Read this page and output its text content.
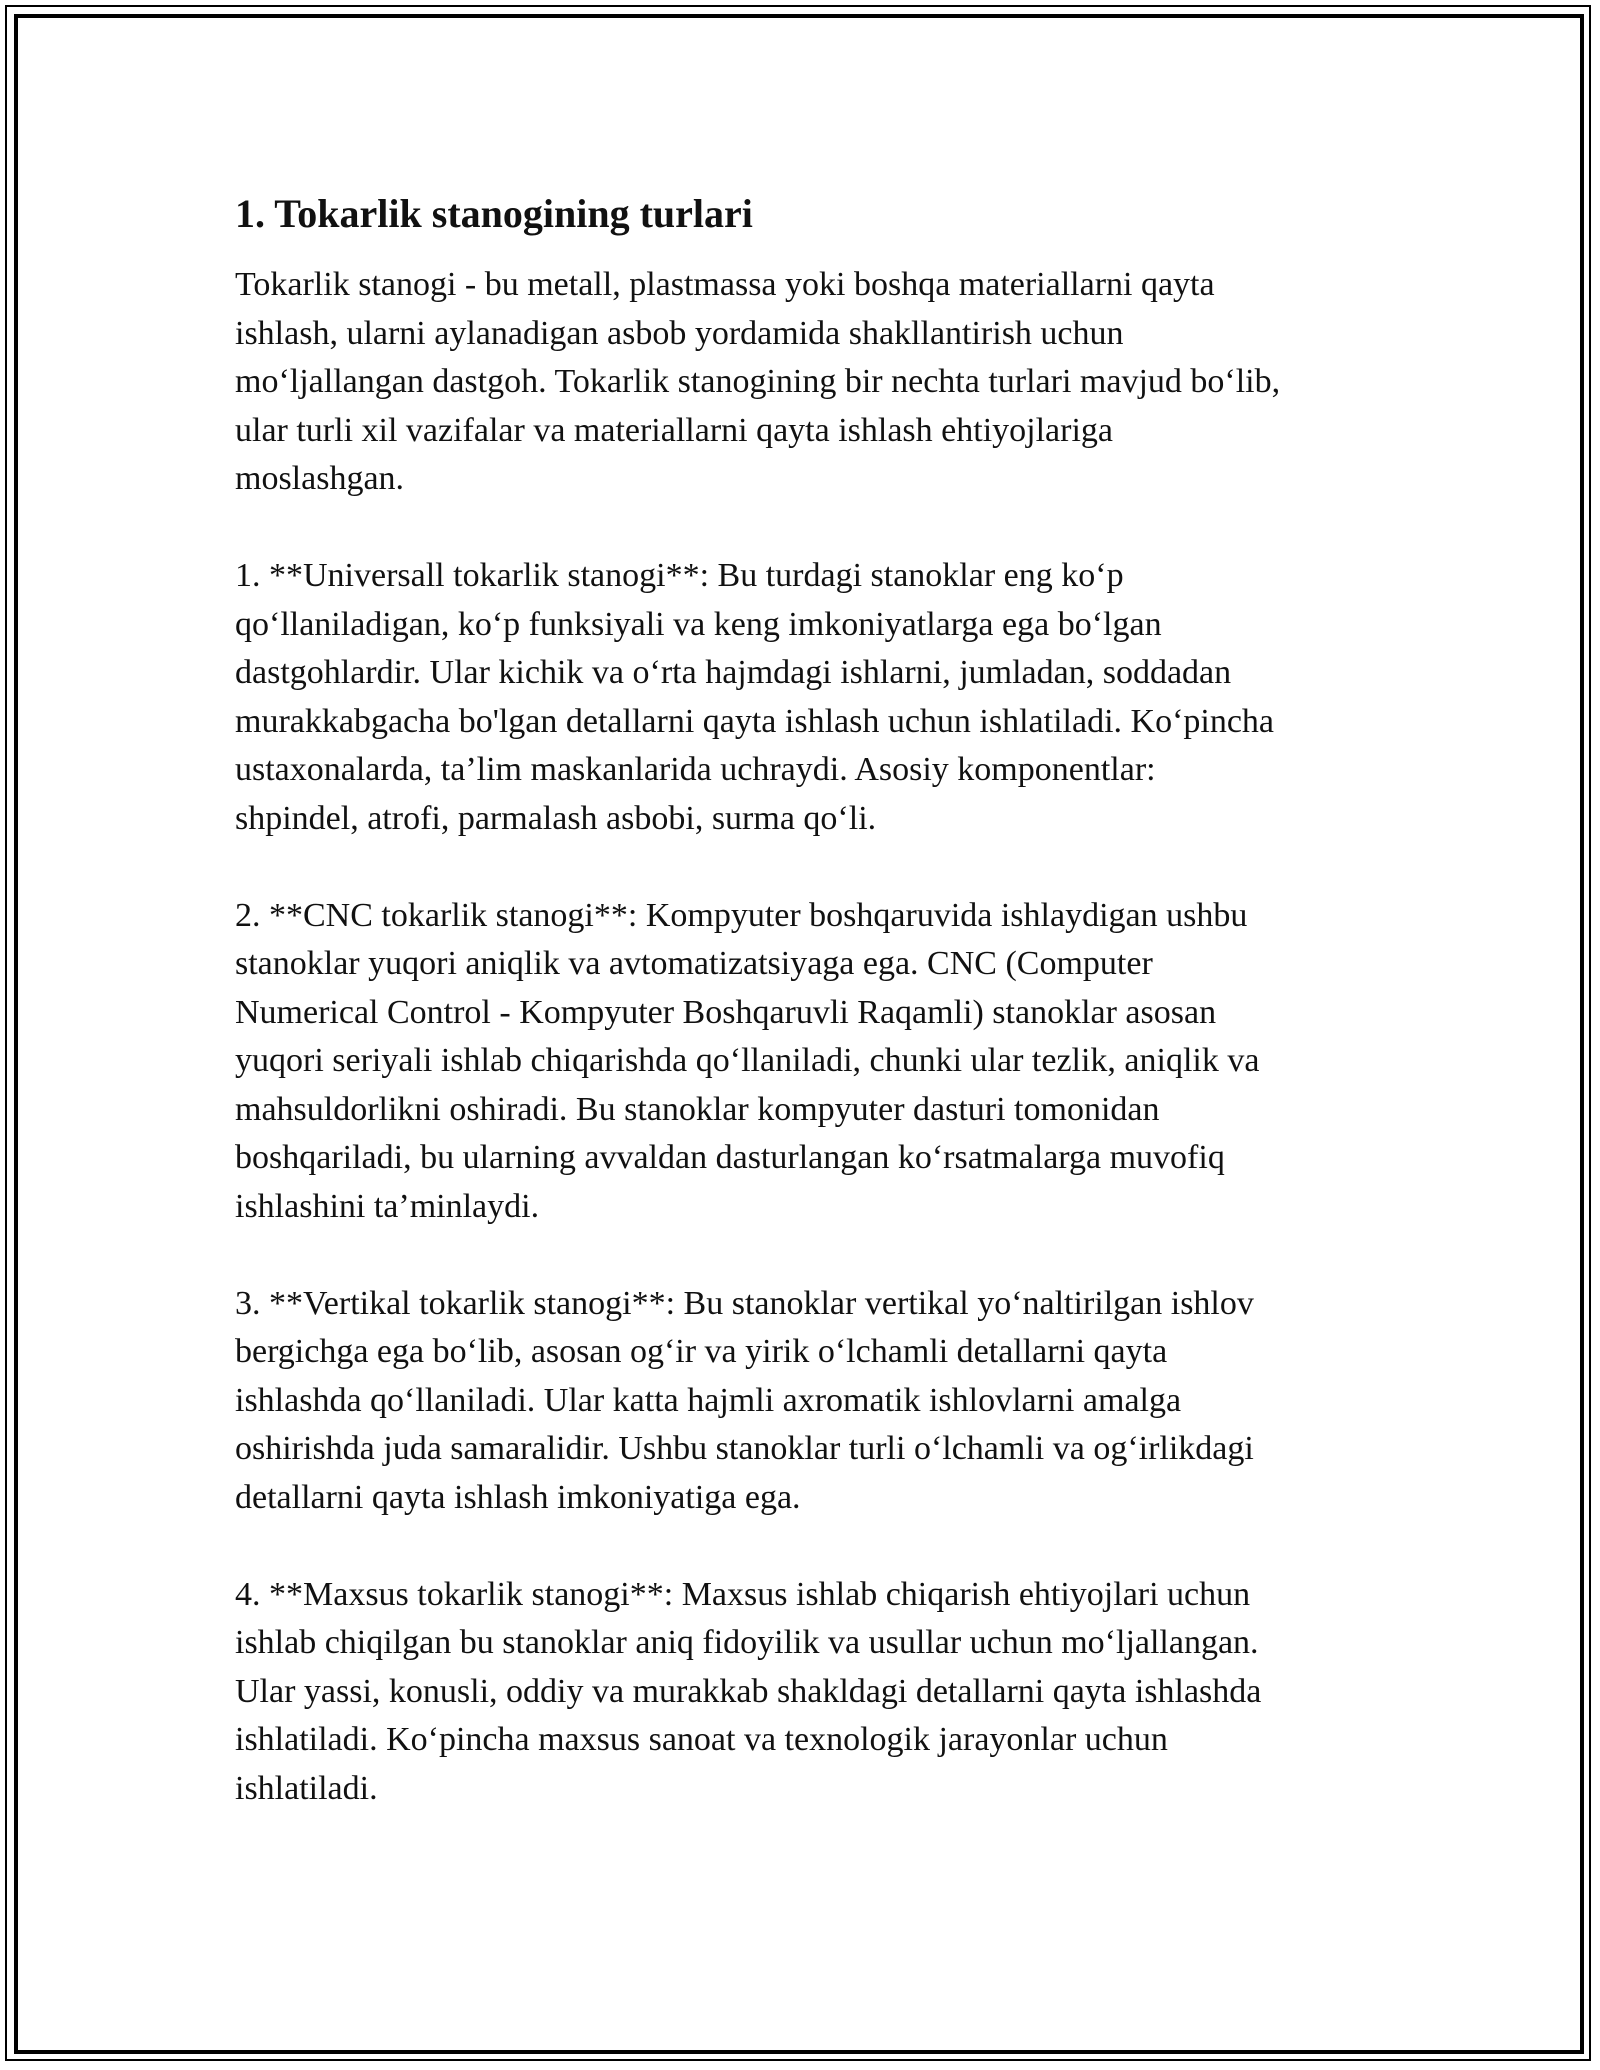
1. Tokarlik stanogining turlari

Tokarlik stanogi - bu metall, plastmassa yoki boshqa materiallarni qayta
ishlash, ularni aylanadigan asbob yordamida shakllantirish uchun
mo‘ljallangan dastgoh. Tokarlik stanogining bir nechta turlari mavjud bo‘lib,
ular turli xil vazifalar va materiallarni qayta ishlash ehtiyojlariga
moslashgan.

1. **Universall tokarlik stanogi**: Bu turdagi stanoklar eng ko‘p
qo‘llaniladigan, ko‘p funksiyali va keng imkoniyatlarga ega bo‘lgan
dastgohlardir. Ular kichik va o‘rta hajmdagi ishlarni, jumladan, soddadan
murakkabgacha bo'lgan detallarni qayta ishlash uchun ishlatiladi. Ko‘pincha
ustaxonalarda, ta’lim maskanlarida uchraydi. Asosiy komponentlar:
shpindel, atrofi, parmalash asbobi, surma qo‘li.

2. **CNC tokarlik stanogi**: Kompyuter boshqaruvida ishlaydigan ushbu
stanoklar yuqori aniqlik va avtomatizatsiyaga ega. CNC (Computer
Numerical Control - Kompyuter Boshqaruvli Raqamli) stanoklar asosan
yuqori seriyali ishlab chiqarishda qo‘llaniladi, chunki ular tezlik, aniqlik va
mahsuldorlikni oshiradi. Bu stanoklar kompyuter dasturi tomonidan
boshqariladi, bu ularning avvaldan dasturlangan ko‘rsatmalarga muvofiq
ishlashini ta’minlaydi.

3. **Vertikal tokarlik stanogi**: Bu stanoklar vertikal yo‘naltirilgan ishlov
bergichga ega bo‘lib, asosan og‘ir va yirik o‘lchamli detallarni qayta
ishlashda qo‘llaniladi. Ular katta hajmli axromatik ishlovlarni amalga
oshirishda juda samaralidir. Ushbu stanoklar turli o‘lchamli va og‘irlikdagi
detallarni qayta ishlash imkoniyatiga ega.

4. **Maxsus tokarlik stanogi**: Maxsus ishlab chiqarish ehtiyojlari uchun
ishlab chiqilgan bu stanoklar aniq fidoyilik va usullar uchun mo‘ljallangan.
Ular yassi, konusli, oddiy va murakkab shakldagi detallarni qayta ishlashda
ishlatiladi. Ko‘pincha maxsus sanoat va texnologik jarayonlar uchun
ishlatiladi.
